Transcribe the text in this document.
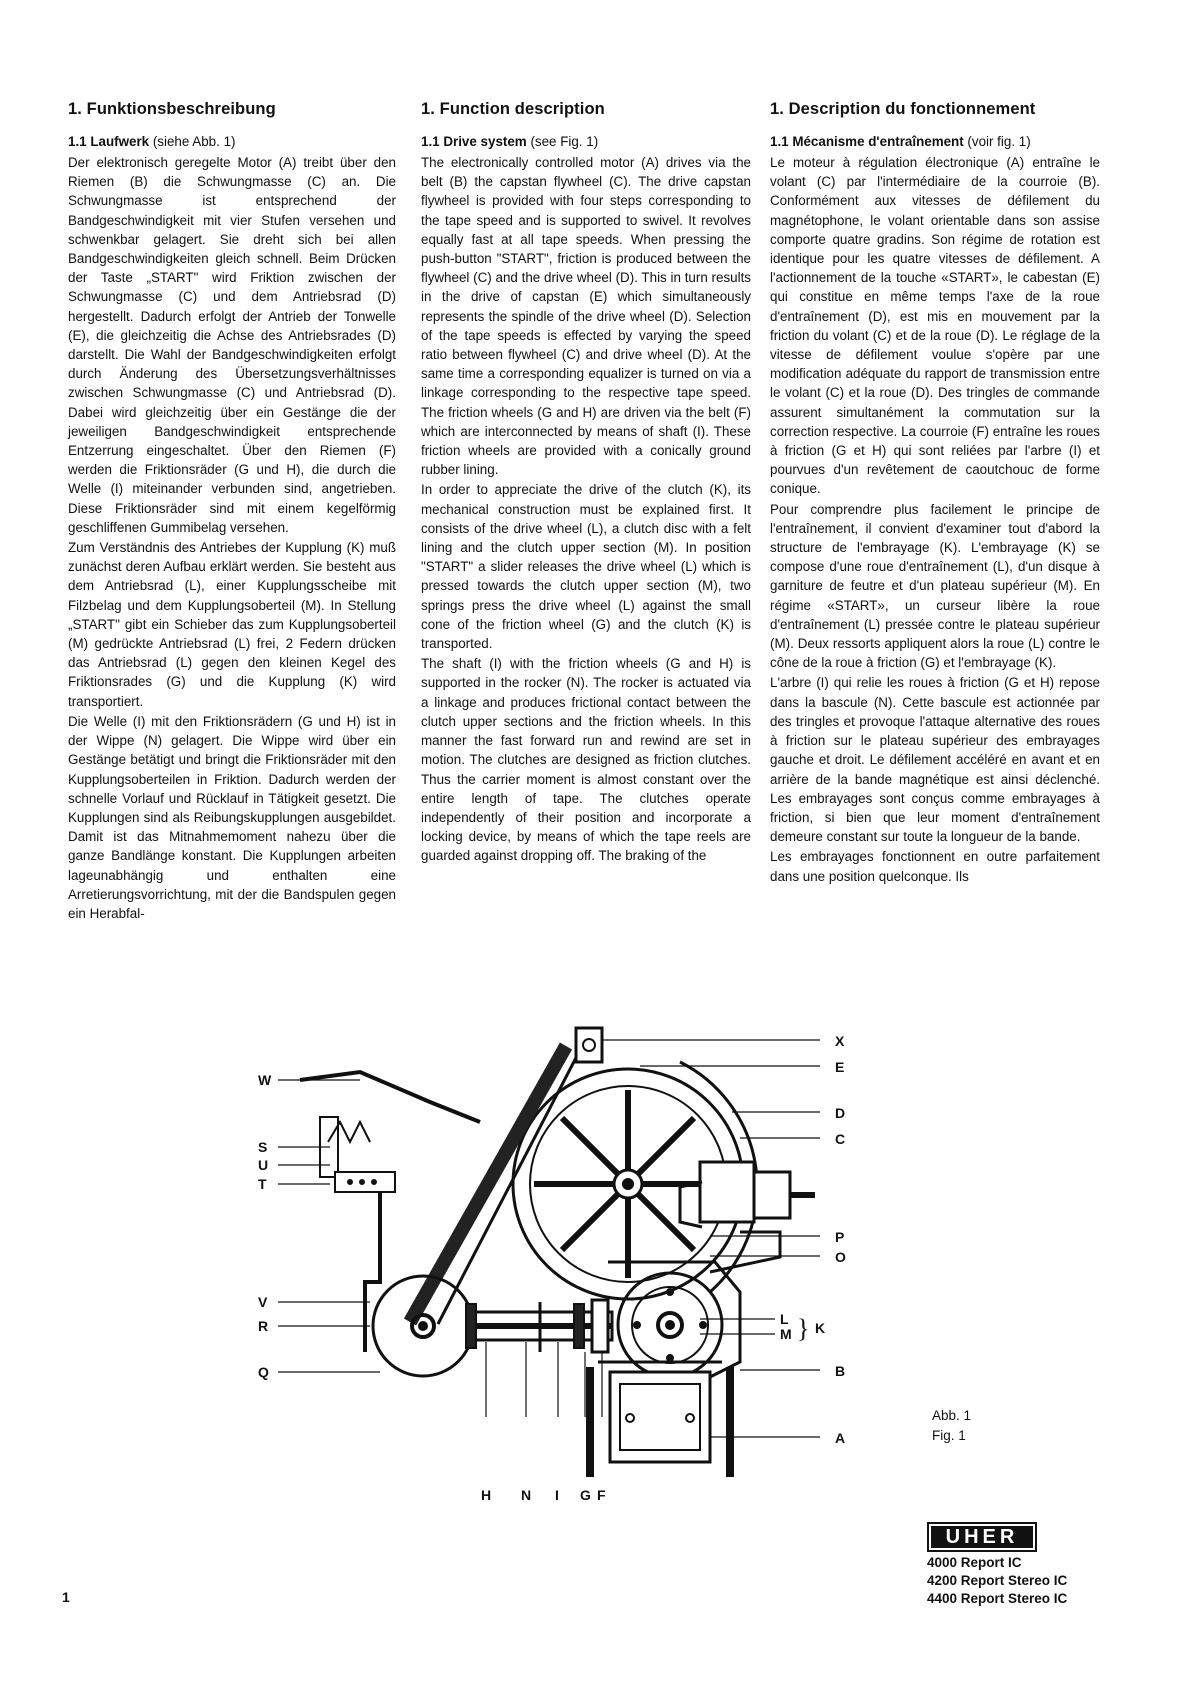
1. Funktionsbeschreibung
1.1 Laufwerk (siehe Abb. 1)

Der elektronisch geregelte Motor (A) treibt über den Riemen (B) die Schwungmasse (C) an. Die Schwungmasse ist entsprechend der Bandgeschwindigkeit mit vier Stufen versehen und schwenkbar gelagert. Sie dreht sich bei allen Bandgeschwindigkeiten gleich schnell. Beim Drücken der Taste „START" wird Friktion zwischen der Schwungmasse (C) und dem Antriebsrad (D) hergestellt. Dadurch erfolgt der Antrieb der Tonwelle (E), die gleichzeitig die Achse des Antriebsrades (D) darstellt. Die Wahl der Bandgeschwindigkeiten erfolgt durch Änderung des Übersetzungsverhältnisses zwischen Schwungmasse (C) und Antriebsrad (D). Dabei wird gleichzeitig über ein Gestänge die der jeweiligen Bandgeschwindigkeit entsprechende Entzerrung eingeschaltet. Über den Riemen (F) werden die Friktionsräder (G und H), die durch die Welle (I) miteinander verbunden sind, angetrieben. Diese Friktionsräder sind mit einem kegelförmig geschliffenen Gummibelag versehen.

Zum Verständnis des Antriebes der Kupplung (K) muß zunächst deren Aufbau erklärt werden. Sie besteht aus dem Antriebsrad (L), einer Kupplungsscheibe mit Filzbelag und dem Kupplungsoberteil (M). In Stellung „START" gibt ein Schieber das zum Kupplungsoberteil (M) gedrückte Antriebsrad (L) frei, 2 Federn drücken das Antriebsrad (L) gegen den kleinen Kegel des Friktionsrades (G) und die Kupplung (K) wird transportiert.

Die Welle (I) mit den Friktionsrädern (G und H) ist in der Wippe (N) gelagert. Die Wippe wird über ein Gestänge betätigt und bringt die Friktionsräder mit den Kupplungsoberteilen in Friktion. Dadurch werden der schnelle Vorlauf und Rücklauf in Tätigkeit gesetzt. Die Kupplungen sind als Reibungskupplungen ausgebildet. Damit ist das Mitnahmemoment nahezu über die ganze Bandlänge konstant. Die Kupplungen arbeiten lageunabhängig und enthalten eine Arretierungsvorrichtung, mit der die Bandspulen gegen ein Herabfal-

1. Function description
1.1 Drive system (see Fig. 1)

The electronically controlled motor (A) drives via the belt (B) the capstan flywheel (C). The drive capstan flywheel is provided with four steps corresponding to the tape speed and is supported to swivel. It revolves equally fast at all tape speeds. When pressing the push-button "START", friction is produced between the flywheel (C) and the drive wheel (D). This in turn results in the drive of capstan (E) which simultaneously represents the spindle of the drive wheel (D). Selection of the tape speeds is effected by varying the speed ratio between flywheel (C) and drive wheel (D). At the same time a corresponding equalizer is turned on via a linkage corresponding to the respective tape speed. The friction wheels (G and H) are driven via the belt (F) which are interconnected by means of shaft (I). These friction wheels are provided with a conically ground rubber lining.

In order to appreciate the drive of the clutch (K), its mechanical construction must be explained first. It consists of the drive wheel (L), a clutch disc with a felt lining and the clutch upper section (M). In position "START" a slider releases the drive wheel (L) which is pressed towards the clutch upper section (M), two springs press the drive wheel (L) against the small cone of the friction wheel (G) and the clutch (K) is transported.

The shaft (I) with the friction wheels (G and H) is supported in the rocker (N). The rocker is actuated via a linkage and produces frictional contact between the clutch upper sections and the friction wheels. In this manner the fast forward run and rewind are set in motion. The clutches are designed as friction clutches. Thus the carrier moment is almost constant over the entire length of tape. The clutches operate independently of their position and incorporate a locking device, by means of which the tape reels are guarded against dropping off. The braking of the

1. Description du fonctionnement
1.1 Mécanisme d'entraînement (voir fig. 1)

Le moteur à régulation électronique (A) entraîne le volant (C) par l'intermédiaire de la courroie (B). Conformément aux vitesses de défilement du magnétophone, le volant orientable dans son assise comporte quatre gradins. Son régime de rotation est identique pour les quatre vitesses de défilement. A l'actionnement de la touche «START», le cabestan (E) qui constitue en même temps l'axe de la roue d'entraînement (D), est mis en mouvement par la friction du volant (C) et de la roue (D). Le réglage de la vitesse de défilement voulue s'opère par une modification adéquate du rapport de transmission entre le volant (C) et la roue (D). Des tringles de commande assurent simultanément la commutation sur la correction respective. La courroie (F) entraîne les roues à friction (G et H) qui sont reliées par l'arbre (I) et pourvues d'un revêtement de caoutchouc de forme conique.

Pour comprendre plus facilement le principe de l'entraînement, il convient d'examiner tout d'abord la structure de l'embrayage (K). L'embrayage (K) se compose d'une roue d'entraînement (L), d'un disque à garniture de feutre et d'un plateau supérieur (M). En régime «START», un curseur libère la roue d'entraînement (L) pressée contre le plateau supérieur (M). Deux ressorts appliquent alors la roue (L) contre le cône de la roue à friction (G) et l'embrayage (K).

L'arbre (I) qui relie les roues à friction (G et H) repose dans la bascule (N). Cette bascule est actionnée par des tringles et provoque l'attaque alternative des roues à friction sur le plateau supérieur des embrayages gauche et droit. Le défilement accéléré en avant et en arrière de la bande magnétique est ainsi déclenché. Les embrayages sont conçus comme embrayages à friction, si bien que leur moment d'entraînement demeure constant sur toute la longueur de la bande.

Les embrayages fonctionnent en outre parfaitement dans une position quelconque. Ils

X
E
D
C
P
O
L
M } K
B
A
W
S
U
T
V
R
Q
H N I G F
Abb. 1
Fig. 1
UHER
4000 Report IC
4200 Report Stereo IC
4400 Report Stereo IC
1
